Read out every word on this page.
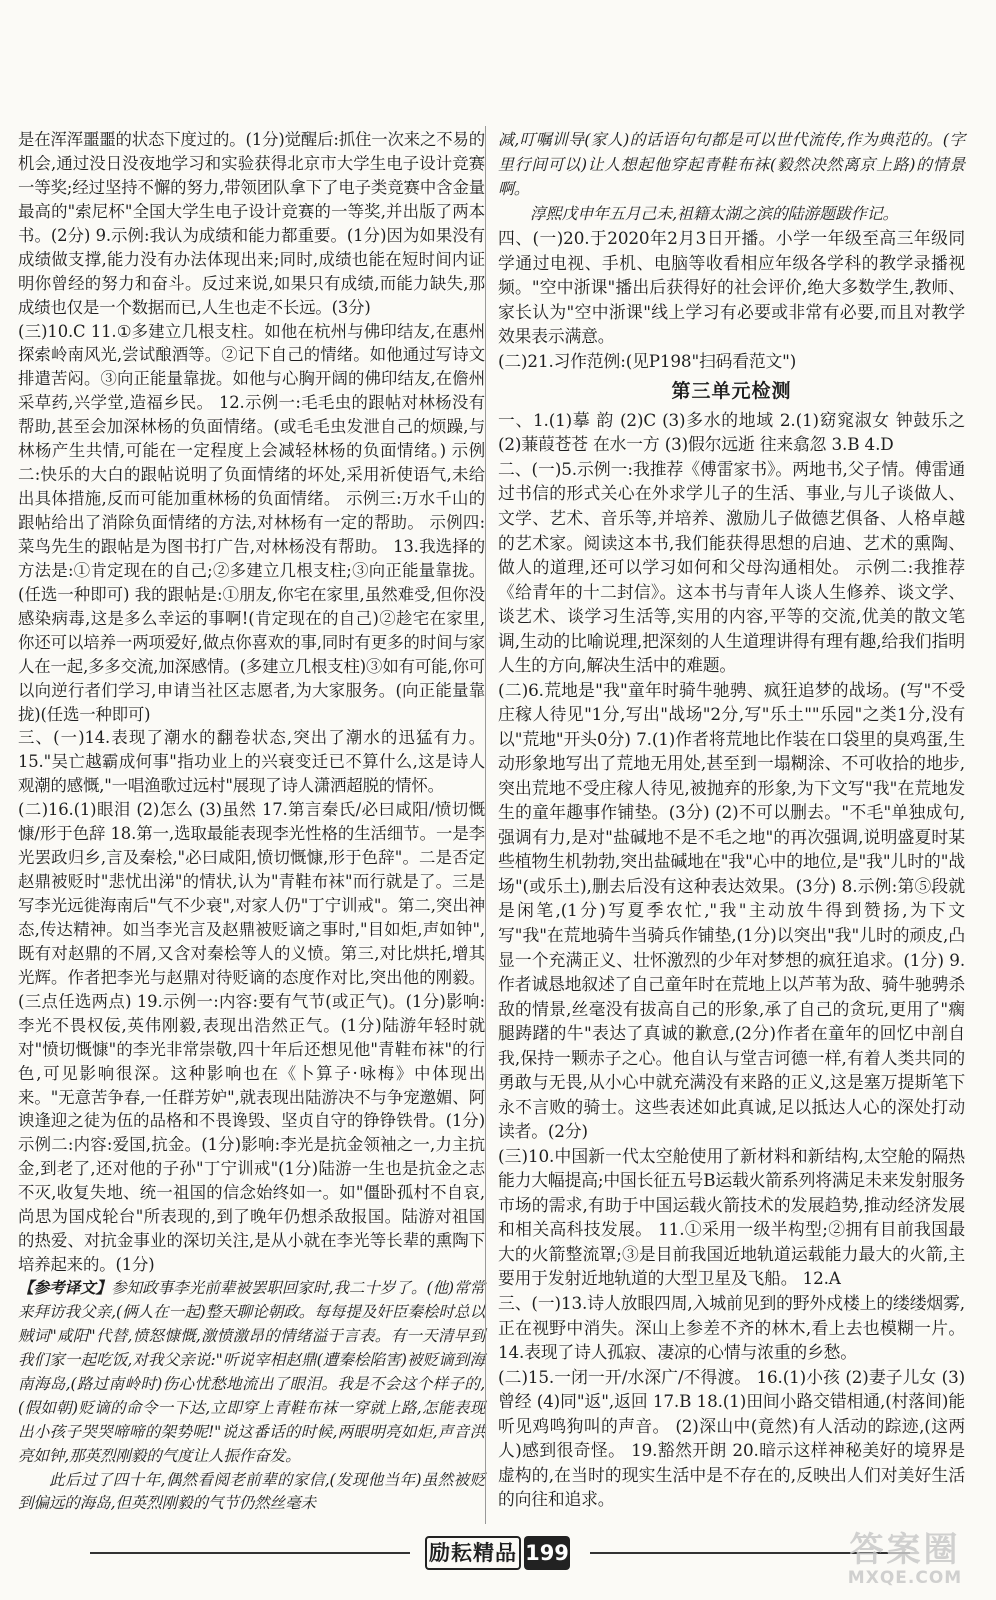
是在浑浑噩噩的状态下度过的。(1分)觉醒后:抓住一次来之不易的机会,通过没日没夜地学习和实验获得北京市大学生电子设计竞赛一等奖;经过坚持不懈的努力,带领团队拿下了电子类竞赛中含金量最高的"索尼杯"全国大学生电子设计竞赛的一等奖,并出版了两本书。(2分) 9.示例:我认为成绩和能力都重要。(1分)因为如果没有成绩做支撑,能力没有办法体现出来;同时,成绩也能在短时间内证明你曾经的努力和奋斗。反过来说,如果只有成绩,而能力缺失,那成绩也仅是一个数据而已,人生也走不长远。(3分)

(三)10.C 11.①多建立几根支柱。如他在杭州与佛印结友,在惠州探索岭南风光,尝试酿酒等。②记下自己的情绪。如他通过写诗文排遣苦闷。③向正能量靠拢。如他与心胸开阔的佛印结友,在儋州采草药,兴学堂,造福乡民。 12.示例一:毛毛虫的跟帖对林杨没有帮助,甚至会加深林杨的负面情绪。(或毛毛虫发泄自己的烦躁,与林杨产生共情,可能在一定程度上会减轻林杨的负面情绪。) 示例二:快乐的大白的跟帖说明了负面情绪的坏处,采用祈使语气,未给出具体措施,反而可能加重林杨的负面情绪。 示例三:万水千山的跟帖给出了消除负面情绪的方法,对林杨有一定的帮助。 示例四:菜鸟先生的跟帖是为图书打广告,对林杨没有帮助。 13.我选择的方法是:①肯定现在的自己;②多建立几根支柱;③向正能量靠拢。(任选一种即可) 我的跟帖是:①朋友,你宅在家里,虽然难受,但你没感染病毒,这是多么幸运的事啊!(肯定现在的自己)②趁宅在家里,你还可以培养一两项爱好,做点你喜欢的事,同时有更多的时间与家人在一起,多多交流,加深感情。(多建立几根支柱)③如有可能,你可以向逆行者们学习,申请当社区志愿者,为大家服务。(向正能量靠拢)(任选一种即可)

三、(一)14.表现了潮水的翻卷状态,突出了潮水的迅猛有力。 15."吴亡越霸成何事"指功业上的兴衰变迁已不算什么,这是诗人观潮的感慨,"一唱渔歌过远村"展现了诗人潇洒超脱的情怀。

(二)16.(1)眼泪 (2)怎么 (3)虽然 17.第言秦氏/必曰咸阳/愤切慨慷/形于色辞 18.第一,选取最能表现李光性格的生活细节。一是李光罢政归乡,言及秦桧,"必曰咸阳,愤切慨慷,形于色辞"。二是否定赵鼎被贬时"悲忧出涕"的情状,认为"青鞋布袜"而行就是了。三是写李光远徙海南后"气不少衰",对家人仍"丁宁训戒"。第二,突出神态,传达精神。如当李光言及赵鼎被贬谪之事时,"目如炬,声如钟",既有对赵鼎的不屑,又含对秦桧等人的义愤。第三,对比烘托,增其光辉。作者把李光与赵鼎对待贬谪的态度作对比,突出他的刚毅。(三点任选两点) 19.示例一:内容:要有气节(或正气)。(1分)影响:李光不畏权佞,英伟刚毅,表现出浩然正气。(1分)陆游年轻时就对"愤切慨慷"的李光非常崇敬,四十年后还想见他"青鞋布袜"的行色,可见影响很深。这种影响也在《卜算子·咏梅》中体现出来。"无意苦争春,一任群芳妒",就表现出陆游决不与争宠邀媚、阿谀逢迎之徒为伍的品格和不畏谗毁、坚贞自守的铮铮铁骨。(1分) 示例二:内容:爱国,抗金。(1分)影响:李光是抗金领袖之一,力主抗金,到老了,还对他的子孙"丁宁训戒"(1分)陆游一生也是抗金之志不灭,收复失地、统一祖国的信念始终如一。如"僵卧孤村不自哀,尚思为国戍轮台"所表现的,到了晚年仍想杀敌报国。陆游对祖国的热爱、对抗金事业的深切关注,是从小就在李光等长辈的熏陶下培养起来的。(1分)

【参考译文】参知政事李光前辈被罢职回家时,我二十岁了。(他)常常来拜访我父亲,(俩人在一起)整天聊论朝政。每每提及奸臣秦桧时总以贼词"咸阳"代替,愤怒慷慨,激愤激昂的情绪溢于言表。有一天清早到我们家一起吃饭,对我父亲说:"听说宰相赵鼎(遭秦桧陷害)被贬谪到海南海岛,(路过南岭时)伤心忧愁地流出了眼泪。我是不会这个样子的,(假如朝)贬谪的命令一下达,立即穿上青鞋布袜一穿就上路,怎能表现出小孩子哭哭啼啼的架势呢!"说这番话的时候,两眼明亮如炬,声音洪亮如钟,那英烈刚毅的气度让人振作奋发。

此后过了四十年,偶然看阅老前辈的家信,(发现他当年)虽然被贬到偏远的海岛,但英烈刚毅的气节仍然丝毫未

减,叮嘱训导(家人)的话语句句都是可以世代流传,作为典范的。(字里行间可以)让人想起他穿起青鞋布袜(毅然决然离京上路)的情景啊。

淳熙戊申年五月己未,祖籍太湖之滨的陆游题跋作记。

四、(一)20.于2020年2月3日开播。小学一年级至高三年级同学通过电视、手机、电脑等收看相应年级各学科的教学录播视频。"空中浙课"播出后获得好的社会评价,绝大多数学生,教师、家长认为"空中浙课"线上学习有必要或非常有必要,而且对教学效果表示满意。

(二)21.习作范例:(见P198"扫码看范文")

第三单元检测

一、1.(1)摹 韵 (2)C (3)多水的地域 2.(1)窈窕淑女 钟鼓乐之 (2)蒹葭苍苍 在水一方 (3)假尔远逝 往来翕忽 3.B 4.D

二、(一)5.示例一:我推荐《傅雷家书》。两地书,父子情。傅雷通过书信的形式关心在外求学儿子的生活、事业,与儿子谈做人、文学、艺术、音乐等,并培养、激励儿子做德艺俱备、人格卓越的艺术家。阅读这本书,我们能获得思想的启迪、艺术的熏陶、做人的道理,还可以学习如何和父母沟通相处。 示例二:我推荐《给青年的十二封信》。这本书与青年人谈人生修养、谈文学、谈艺术、谈学习生活等,实用的内容,平等的交流,优美的散文笔调,生动的比喻说理,把深刻的人生道理讲得有理有趣,给我们指明人生的方向,解决生活中的难题。

(二)6.荒地是"我"童年时骑牛驰骋、疯狂追梦的战场。(写"不受庄稼人待见"1分,写出"战场"2分,写"乐土""乐园"之类1分,没有以"荒地"开头0分) 7.(1)作者将荒地比作装在口袋里的臭鸡蛋,生动形象地写出了荒地无用处,甚至到一塌糊涂、不可收拾的地步,突出荒地不受庄稼人待见,被抛弃的形象,为下文写"我"在荒地发生的童年趣事作铺垫。(3分) (2)不可以删去。"不毛"单独成句,强调有力,是对"盐碱地不是不毛之地"的再次强调,说明盛夏时某些植物生机勃勃,突出盐碱地在"我"心中的地位,是"我"儿时的"战场"(或乐土),删去后没有这种表达效果。(3分) 8.示例:第⑤段就是闲笔,(1分)写夏季农忙,"我"主动放牛得到赞扬,为下文写"我"在荒地骑牛当骑兵作铺垫,(1分)以突出"我"儿时的顽皮,凸显一个充满正义、壮怀激烈的少年对梦想的疯狂追求。(1分) 9.作者诚恳地叙述了自己童年时在荒地上以芦苇为敌、骑牛驰骋杀敌的情景,丝毫没有拔高自己的形象,承了自己的贪玩,更用了"瘸腿踌躇的牛"表达了真诚的歉意,(2分)作者在童年的回忆中剖自我,保持一颗赤子之心。他自认与堂吉诃德一样,有着人类共同的勇敢与无畏,从小心中就充满没有来路的正义,这是塞万提斯笔下永不言败的骑士。这些表述如此真诚,足以抵达人心的深处打动读者。(2分)

(三)10.中国新一代太空舱使用了新材料和新结构,太空舱的隔热能力大幅提高;中国长征五号B运载火箭系列将满足未来发射服务市场的需求,有助于中国运载火箭技术的发展趋势,推动经济发展和相关高科技发展。 11.①采用一级半构型;②拥有目前我国最大的火箭整流罩;③是目前我国近地轨道运载能力最大的火箭,主要用于发射近地轨道的大型卫星及飞船。 12.A

三、(一)13.诗人放眼四周,入城前见到的野外戍楼上的缕缕烟雾,正在视野中消失。深山上参差不齐的林木,看上去也模糊一片。 14.表现了诗人孤寂、凄凉的心情与浓重的乡愁。

(二)15.一闭一开/水深广/不得渡。 16.(1)小孩 (2)妻子儿女 (3)曾经 (4)同"返",返回 17.B 18.(1)田间小路交错相通,(村落间)能听见鸡鸣狗叫的声音。 (2)深山中(竟然)有人活动的踪迹,(这两人)感到很奇怪。 19.豁然开朗 20.暗示这样神秘美好的境界是虚构的,在当时的现实生活中是不存在的,反映出人们对美好生活的向往和追求。

励耘精品 199	答案圈
MXQE.COM
